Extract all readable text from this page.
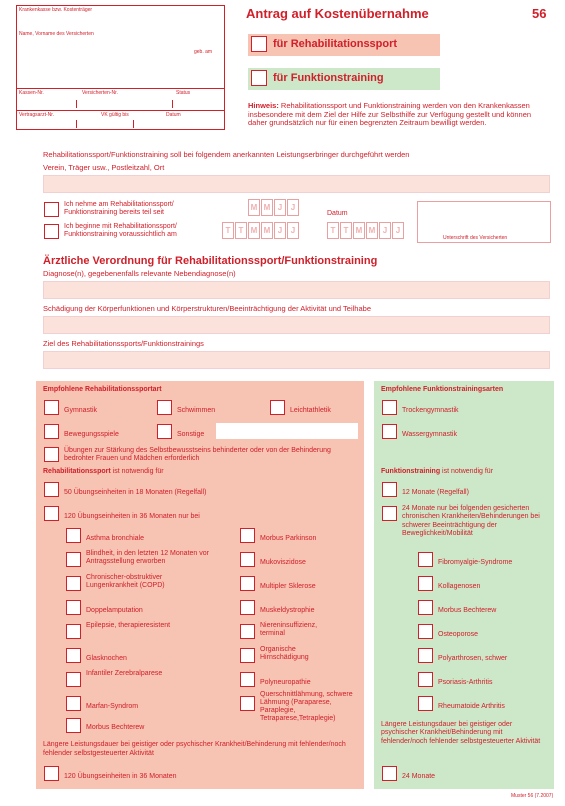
Krankenkasse bzw. Kostenträger
Name, Vorname des Versicherten
geb. am
Kassen-Nr.	Versicherten-Nr.	Status
Vertragsarzt-Nr.	VK gültig bis	Datum
Antrag auf Kostenübernahme	56
für Rehabilitationssport
für Funktionstraining
Hinweis: Rehabilitationssport und Funktionstraining werden von den Krankenkassen insbesondere mit dem Ziel der Hilfe zur Selbsthilfe zur Verfügung gestellt und können daher grundsätzlich nur für einen begrenzten Zeitraum bewilligt werden.
Rehabilitationssport/Funktionstraining soll bei folgendem anerkannten Leistungserbringer durchgeführt werden
Verein, Träger usw., Postleitzahl, Ort
Ich nehme am Rehabilitationssport/ Funktionstraining bereits teil seit
M M J	J
Datum
Ich beginne mit Rehabilitationssport/ Funktionstraining voraussichtlich am	T	T M M J	J	T	T M M J	J
Unterschrift des Versicherten
Ärztliche Verordnung für Rehabilitationssport/Funktionstraining
Diagnose(n), gegebenenfalls relevante Nebendiagnose(n)
Schädigung der Körperfunktionen und Körperstrukturen/Beeinträchtigung der Aktivität und Teilhabe
Ziel des Rehabilitationssports/Funktionstrainings
Empfohlene Rehabilitationssportart
Gymnastik	Schwimmen	Leichtathletik
Bewegungsspiele	Sonstige
Übungen zur Stärkung des Selbstbewusstseins behinderter oder von der Behinderung bedrohter Frauen und Mädchen erforderlich
Rehabilitationssport ist notwendig für
50 Übungseinheiten in 18 Monaten (Regelfall)
120 Übungseinheiten in 36 Monaten nur bei
Asthma bronchiale
Blindheit, in den letzten 12 Monaten vor Antragsstellung erworben
Chronischer-obstruktiver Lungenkrankheit (COPD)
Doppelamputation
Epilepsie, therapieresistent
Glasknochen
Infantiler Zerebralparese
Marfan-Syndrom
Morbus Bechterew
Morbus Parkinson
Mukoviszidose
Multipler Sklerose
Muskeldystrophie
Niereninsuffizienz, terminal
Organische Hirnschädigung
Polyneuropathie
Querschnittlähmung, schwere Lähmung (Paraparese, Paraplegie, Tetraparese,Tetraplegie)
Längere Leistungsdauer bei geistiger oder psychischer Krankheit/Behinderung mit fehlender/noch fehlender selbstgesteuerter Aktivität
120 Übungseinheiten in 36 Monaten
Empfohlene Funktionstrainingsarten
Trockengymnastik
Wassergymnastik
Funktionstraining ist notwendig für
12 Monate (Regelfall)
24 Monate nur bei folgenden gesicherten chronischen Krankheiten/Behinderungen bei schwerer Beeinträchtigung der Beweglichkeit/Mobilität
Fibromyalgie-Syndrome
Kollagenosen
Morbus Bechterew
Osteoporose
Polyarthrosen, schwer
Psoriasis-Arthritis
Rheumatoide Arthritis
Längere Leistungsdauer bei geistiger oder psychischer Krankheit/Behinderung mit fehlender/noch fehlender selbstgesteuerter Aktivität
24 Monate
Muster 56 (7.2007)
